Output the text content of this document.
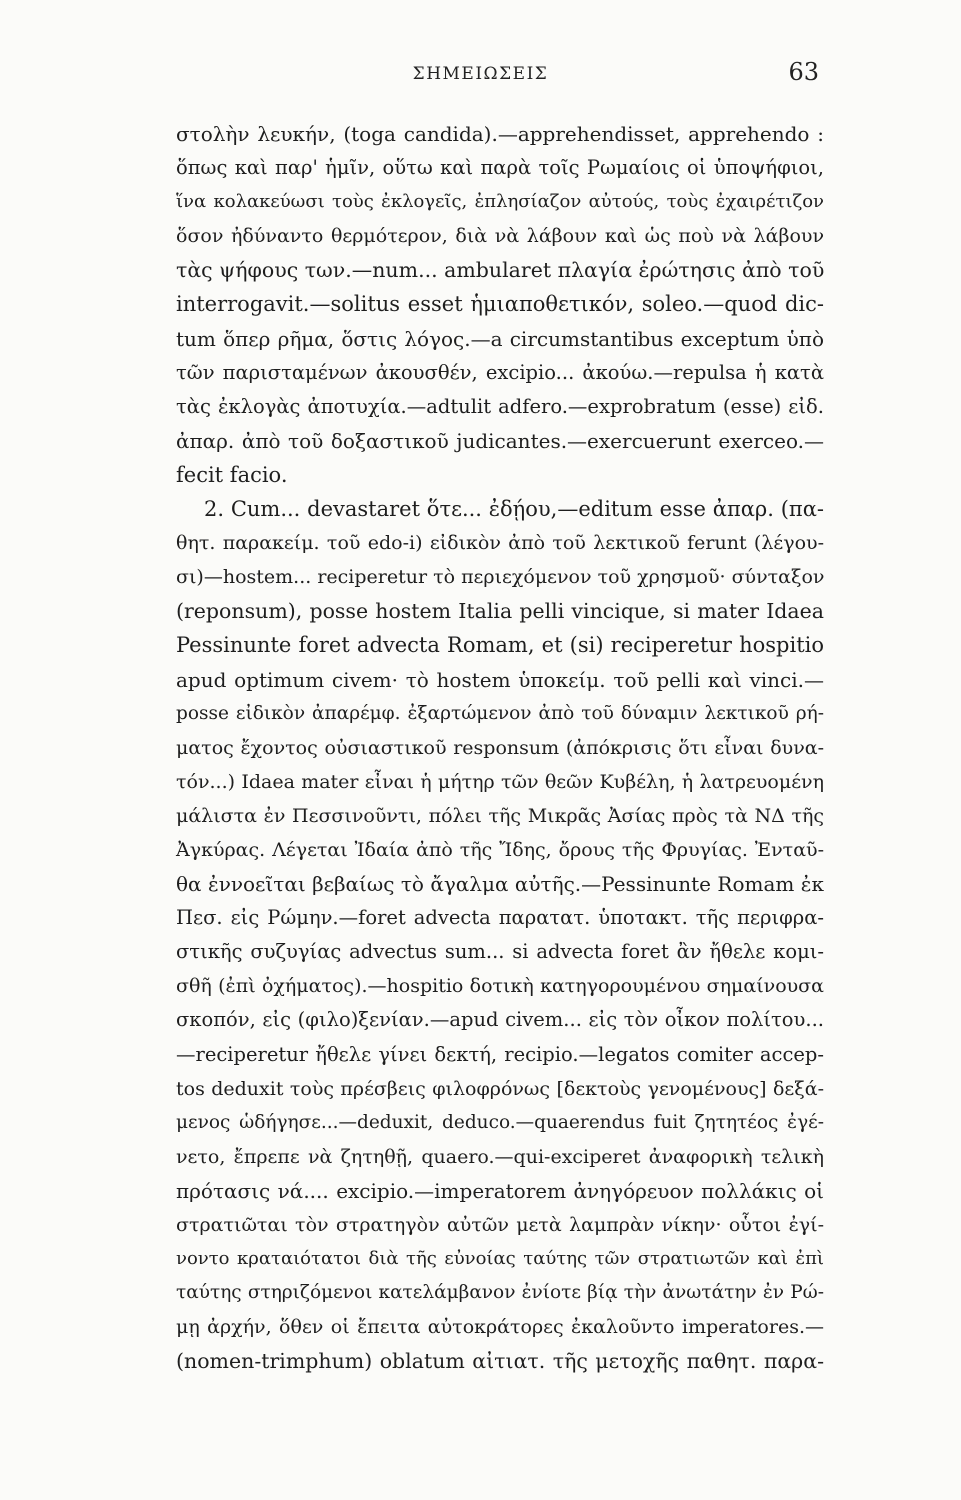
ΣΗΜΕΙΩΣΕΙΣ	63
στολὴν λευκήν, (toga candida).—apprehendisset, apprehendo :
ὅπως καὶ παρ' ἡμῖν, οὕτω καὶ παρὰ τοῖς Ρωμαίοις οἱ ὑποψήφιοι,
ἵνα κολακεύωσι τοὺς ἐκλογεῖς, ἐπλησίαζον αὐτούς, τοὺς ἐχαιρέτιζον
ὅσον ἠδύναντο θερμότερον, διὰ νὰ λάβουν καὶ ὡς ποὺ νὰ λάβουν
τὰς ψήφους των.—num... ambularet πλαγία ἐρώτησις ἀπὸ τοῦ
interrogavit.—solitus esset ἡμιαποθετικόν, soleo.—quod dic-
tum ὅπερ ρῆμα, ὅστις λόγος.—a circumstantibus exceptum ὑπὸ
τῶν παρισταμένων ἀκουσθέν, excipio... ἀκούω.—repulsa ἡ κατὰ
τὰς ἐκλογὰς ἀποτυχία.—adtulit adfero.—exprobratum (esse) εἰδ.
ἀπαρ. ἀπὸ τοῦ δοξαστικοῦ judicantes.—exercuerunt exerceo.—
fecit facio.
2. Cum... devastaret ὅτε... ἐδῄου,—editum esse ἀπαρ. (πα-
θητ. παρακείμ. τοῦ edo-i) εἰδικὸν ἀπὸ τοῦ λεκτικοῦ ferunt (λέγου-
σι)—hostem... reciperetur τὸ περιεχόμενον τοῦ χρησμοῦ· σύνταξον
(reponsum), posse hostem Italia pelli vincique, si mater Idaea
Pessinunte foret advecta Romam, et (si) reciperetur hospitio
apud optimum civem· τὸ hostem ὑποκείμ. τοῦ pelli καὶ vinci.—
posse εἰδικὸν ἀπαρέμφ. ἐξαρτώμενον ἀπὸ τοῦ δύναμιν λεκτικοῦ ρή-
ματος ἔχοντος οὐσιαστικοῦ responsum (ἀπόκρισις ὅτι εἶναι δυνα-
τόν...) Idaea mater εἶναι ἡ μήτηρ τῶν θεῶν Κυβέλη, ἡ λατρευομένη
μάλιστα ἐν Πεσσινοῦντι, πόλει τῆς Μικρᾶς Ἀσίας πρὸς τὰ ΝΔ τῆς
Ἀγκύρας. Λέγεται Ἰδαία ἀπὸ τῆς Ἴδης, ὄρους τῆς Φρυγίας. Ἐνταῦ-
θα ἐννοεῖται βεβαίως τὸ ἄγαλμα αὐτῆς.—Pessinunte Romam ἐκ
Πεσ. εἰς Ρώμην.—foret advecta παρατατ. ὑποτακτ. τῆς περιφρα-
στικῆς συζυγίας advectus sum... si advecta foret ἂν ἤθελε κομι-
σθῆ (ἐπὶ ὀχήματος).—hospitio δοτικὴ κατηγορουμένου σημαίνουσα
σκοπόν, εἰς (φιλο)ξενίαν.—apud civem... εἰς τὸν οἶκον πολίτου...
—reciperetur ἤθελε γίνει δεκτή, recipio.—legatos comiter accep-
tos deduxit τοὺς πρέσβεις φιλοφρόνως [δεκτοὺς γενομένους] δεξά-
μενος ὡδήγησε...—deduxit, deduco.—quaerendus fuit ζητητέος ἐγέ-
νετο, ἔπρεπε νὰ ζητηθῇ, quaero.—qui-exciperet ἀναφορικὴ τελικὴ
πρότασις νά.... excipio.—imperatorem ἀνηγόρευον πολλάκις οἱ
στρατιῶται τὸν στρατηγὸν αὐτῶν μετὰ λαμπρὰν νίκην· οὗτοι ἐγί-
νοντο κραταιότατοι διὰ τῆς εὐνοίας ταύτης τῶν στρατιωτῶν καὶ ἐπὶ
ταύτης στηριζόμενοι κατελάμβανον ἐνίοτε βίᾳ τὴν ἀνωτάτην ἐν Ρώ-
μῃ ἀρχήν, ὅθεν οἱ ἔπειτα αὐτοκράτορες ἐκαλοῦντο imperatores.—
(nomen-trimphum) oblatum αἰτιατ. τῆς μετοχῆς παθητ. παρα-
